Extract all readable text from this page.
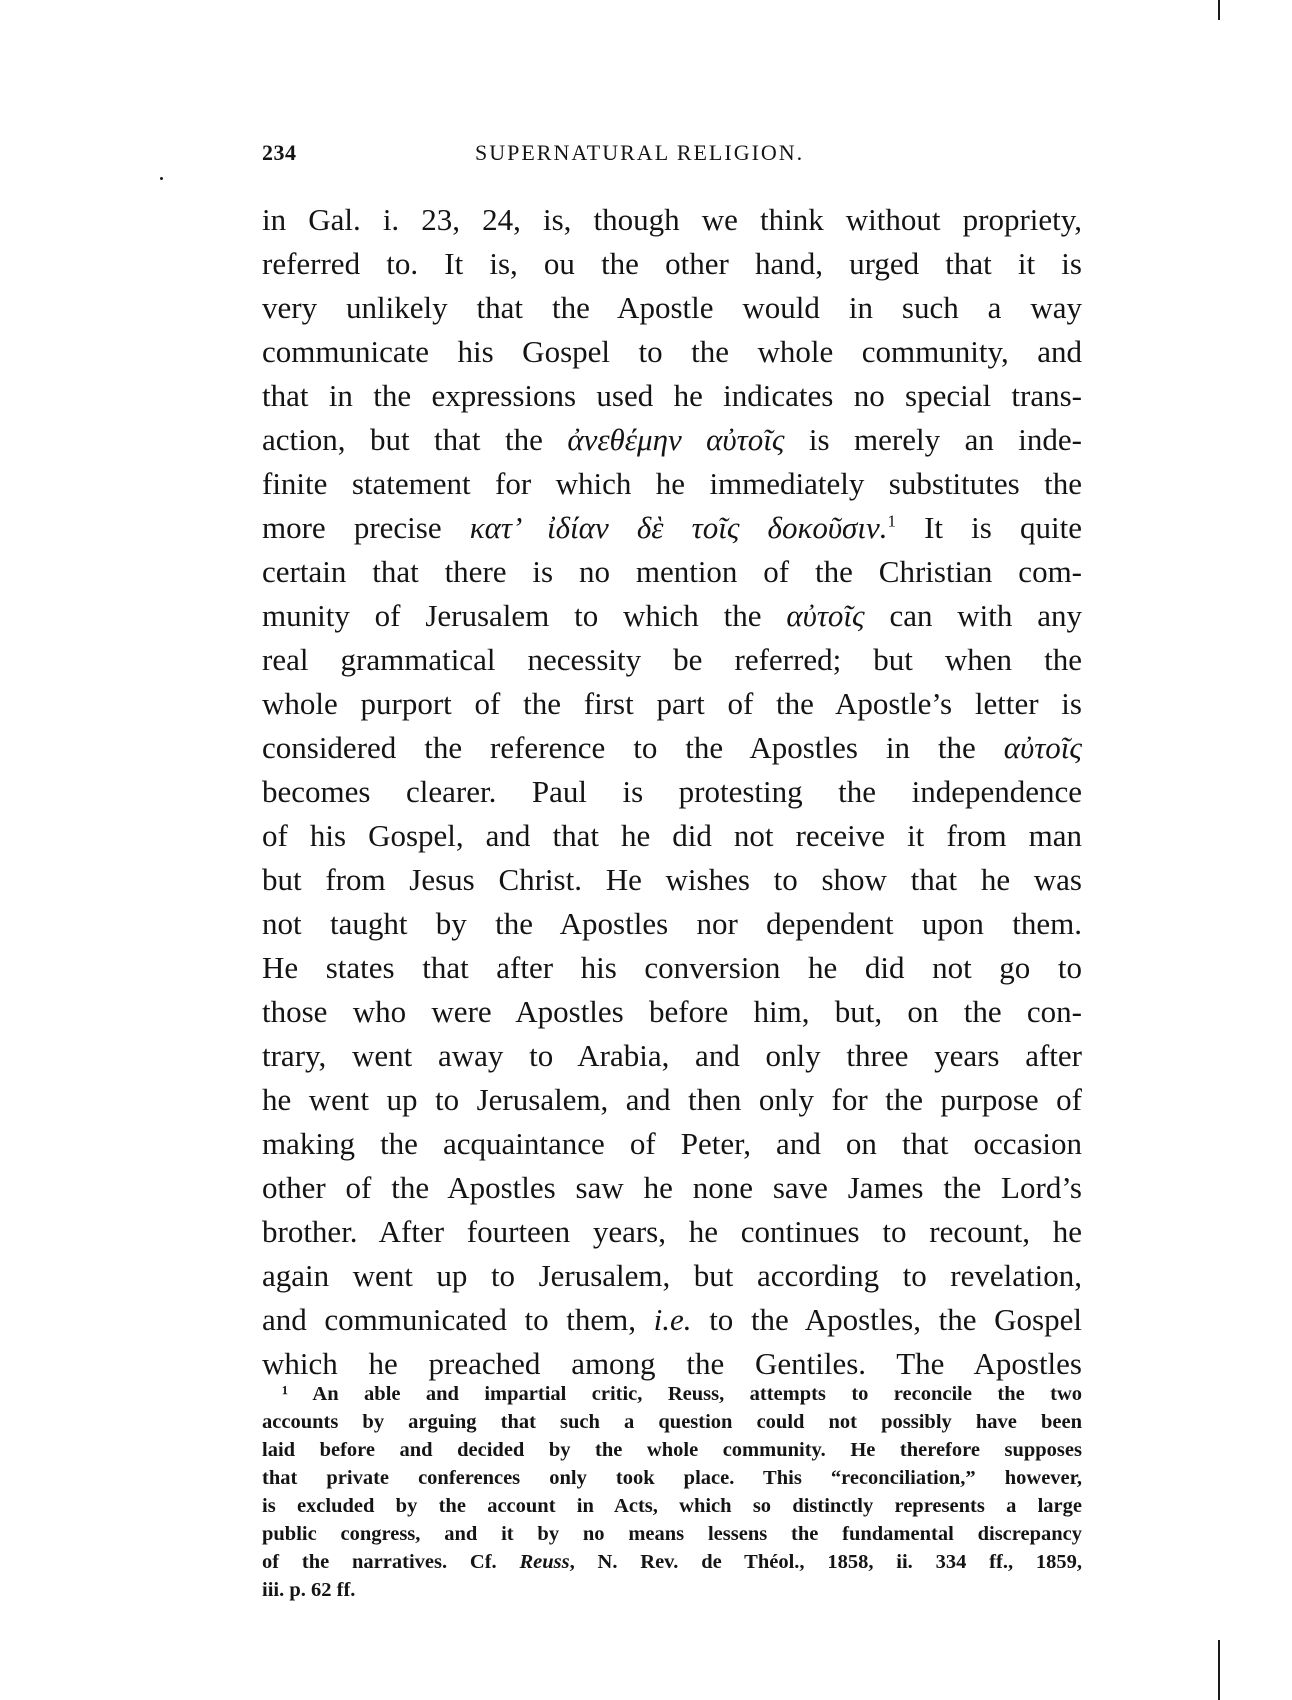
234	SUPERNATURAL RELIGION.
in Gal. i. 23, 24, is, though we think without propriety,
referred to. It is, ou the other hand, urged that it is
very unlikely that the Apostle would in such a way
communicate his Gospel to the whole community, and
that in the expressions used he indicates no special trans-
action, but that the ἀνεθέμην αὐτοῖς is merely an inde-
finite statement for which he immediately substitutes the
more precise κατ’ ἰδίαν δὲ τοῖς δοκοῦσιν.$^1$ It is quite
certain that there is no mention of the Christian com-
munity of Jerusalem to which the αὐτοῖς can with any
real grammatical necessity be referred; but when the
whole purport of the first part of the Apostle’s letter is
considered the reference to the Apostles in the αὐτοῖς
becomes clearer. Paul is protesting the independence
of his Gospel, and that he did not receive it from man
but from Jesus Christ. He wishes to show that he was
not taught by the Apostles nor dependent upon them.
He states that after his conversion he did not go to
those who were Apostles before him, but, on the con-
trary, went away to Arabia, and only three years after
he went up to Jerusalem, and then only for the purpose of
making the acquaintance of Peter, and on that occasion
other of the Apostles saw he none save James the Lord’s
brother. After fourteen years, he continues to recount, he
again went up to Jerusalem, but according to revelation,
and communicated to them, i.e. to the Apostles, the Gospel
which he preached among the Gentiles. The Apostles
¹ An able and impartial critic, Reuss, attempts to reconcile the two
accounts by arguing that such a question could not possibly have been
laid before and decided by the whole community. He therefore supposes
that private conferences only took place. This “reconciliation,” however,
is excluded by the account in Acts, which so distinctly represents a large
public congress, and it by no means lessens the fundamental discrepancy
of the narratives. Cf. Reuss, N. Rev. de Théol., 1858, ii. 334 ff., 1859,
iii. p. 62 ff.
